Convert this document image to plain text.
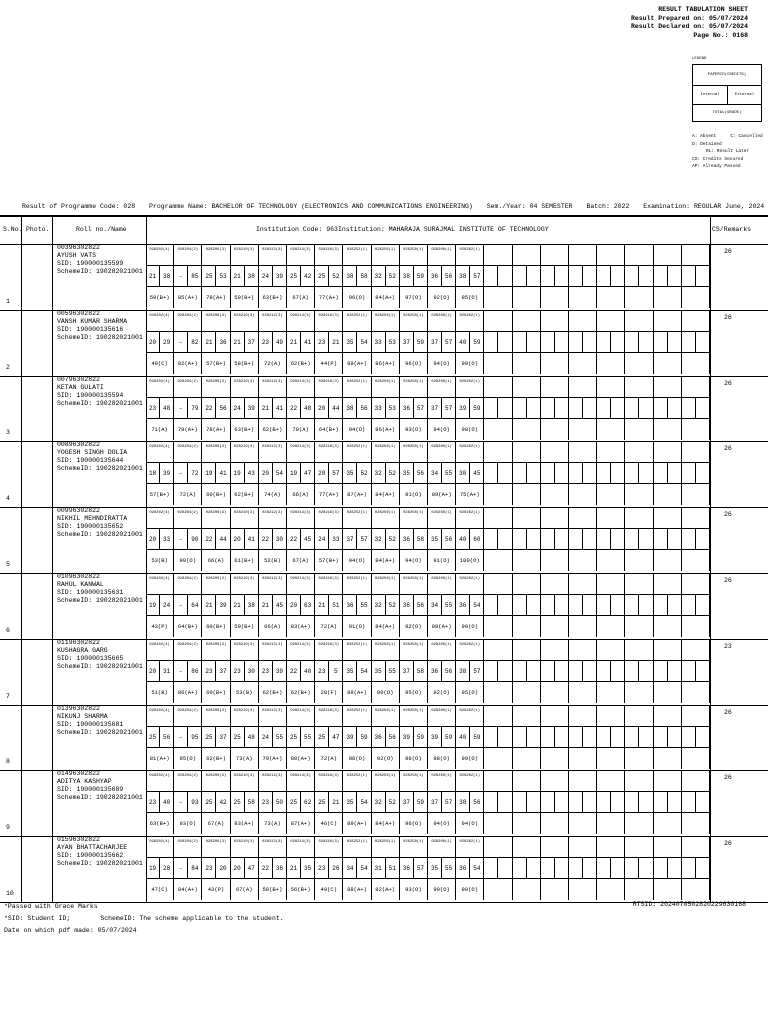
RESULT TABULATION SHEET
Result Prepared on: 05/07/2024
Result Declared on: 05/07/2024
Page No.: 0168
LEGEND
PAPERID(CREDITS)
Internal	External
TOTAL(GRADE)
A: Absent	C: Cancelled
D: DetainedRL: Result Later
CS: Credits Secured
AP: Already Passed
Result of Programme Code: 028 Programme Name: BACHELOR OF TECHNOLOGY (ELECTRONICS AND COMMUNICATIONS ENGINEERING) Sem./Year: 04 SEMESTER Batch: 2022 Examination: REGULAR June, 2024
S.No. Photo.	Roll no./Name	Institution Code: 963 Institution: MAHARAJA SURAJMAL INSTITUTE OF TECHNOLOGY	CS/Remarks
1
00396302822
AYUSH VATS
SID: 190000135599
SchemeID: 190282021001
26
028202(4)	028204(2)	028206(3)	028210(3)	028212(3)	028214(3)	028216(3)	028252(1)	028256(1)	028258(1)	028260(1)	028262(1)
21	38	-	85	25	53	21	38	24	39	25	42	25	52	38	58	32	52	38	59	36	56	38	57
59(B+)	85(A+)	78(A+)	59(B+)	63(B+)	67(A)	77(A+)	96(O)	84(A+)	97(O)	92(O)	95(O)
2
00596302822
VANSH KUMAR SHARMA
SID: 190000135616
SchemeID: 190282021001
26
028202(4)	028204(2)	028206(3)	028210(3)	028212(3)	028214(3)	028216(3)	028252(1)	028256(1)	028258(1)	028260(1)	028262(1)
20	29	-	82	21	36	21	37	23	49	21	41	23	21	35	54	33	53	37	59	37	57	40	59
49(C)	82(A+)	57(B+)	58(B+)	72(A)	62(B+)	44(P)	89(A+)	86(A+)	96(O)	94(O)	99(O)
3
00796302822
KETAN GULATI
SID: 190000135594
SchemeID: 190282021001
26
028202(4)	028204(2)	028206(3)	028210(3)	028212(3)	028214(3)	028216(3)	028252(1)	028256(1)	028258(1)	028260(1)	028262(1)
23	48	-	79	22	56	24	39	21	41	22	48	20	44	38	56	33	53	36	57	37	57	39	59
71(A)	79(A+)	78(A+)	63(B+)	62(B+)	70(A)	64(B+)	94(O)	86(A+)	93(O)	94(O)	98(O)
4
00896302822
YOGESH SINGH DOLIA
SID: 190000135644
SchemeID: 190282021001
26
028202(4)	028204(2)	028206(3)	028210(3)	028212(3)	028214(3)	028216(3)	028252(1)	028256(1)	028258(1)	028260(1)	028262(1)
18	39	-	72	19	41	19	43	20	54	19	47	20	57	35	52	32	52	35	56	34	55	30	45
57(B+)	72(A)	60(B+)	62(B+)	74(A)	66(A)	77(A+)	87(A+)	84(A+)	91(O)	89(A+)	75(A+)
5
00996302822
NIKHIL MEHNDIRATTA
SID: 190000135652
SchemeID: 190282021001
26
028202(4)	028204(2)	028206(3)	028210(3)	028212(3)	028214(3)	028216(3)	028252(1)	028256(1)	028258(1)	028260(1)	028262(1)
20	33	-	90	22	44	20	41	22	30	22	45	24	33	37	57	32	52	36	58	35	56	40	60
53(B)	90(O)	66(A)	61(B+)	52(B)	67(A)	57(B+)	94(O)	84(A+)	94(O)	91(O)	100(O)
6
01096302822
RAHUL KANWAL
SID: 190000135631
SchemeID: 190282021001
26
028202(4)	028204(2)	028206(3)	028210(3)	028212(3)	028214(3)	028216(3)	028252(1)	028256(1)	028258(1)	028260(1)	028262(1)
19	24	-	64	21	39	21	38	21	45	20	63	21	51	36	55	32	52	36	56	34	55	36	54
43(P)	64(B+)	60(B+)	59(B+)	66(A)	83(A+)	72(A)	91(O)	84(A+)	92(O)	89(A+)	90(O)
7
01196302822
KUSHAGRA GARG
SID: 190000135665
SchemeID: 190282021001
23
028202(4)	028204(2)	028206(3)	028210(3)	028212(3)	028214(3)	028216(3)	028252(1)	028256(1)	028258(1)	028260(1)	028262(1)
20	31	-	86	23	37	23	30	23	39	22	40	23	5	35	54	35	55	37	58	36	56	38	57
51(B)	86(A+)	60(B+)	53(B)	62(B+)	62(B+)	28(F)	89(A+)	90(O)	95(O)	92(O)	95(O)
8
01396302822
NIKUNJ SHARMA
SID: 190000135681
SchemeID: 190282021001
26
028202(4)	028204(2)	028206(3)	028210(3)	028212(3)	028214(3)	028216(3)	028252(1)	028256(1)	028258(1)	028260(1)	028262(1)
25	56	-	95	25	37	25	48	24	55	25	55	25	47	39	59	36	56	39	59	39	59	40	59
81(A+)	95(O)	62(B+)	73(A)	79(A+)	80(A+)	72(A)	98(O)	92(O)	98(O)	98(O)	99(O)
9
01496302822
ADITYA KASHYAP
SID: 190000135689
SchemeID: 190282021001
26
028202(4)	028204(2)	028206(3)	028210(3)	028212(3)	028214(3)	028216(3)	028252(1)	028256(1)	028258(1)	028260(1)	028262(1)
23	40	-	93	25	42	25	58	23	50	25	62	25	21	35	54	32	52	37	59	37	57	38	56
63(B+)	93(O)	67(A)	83(A+)	73(A)	87(A+)	46(C)	89(A+)	84(A+)	96(O)	94(O)	94(O)
10
01596302822
AYAN BHATTACHARJEE
SID: 190000135662
SchemeID: 190282021001
26
028202(4)	028204(2)	028206(3)	028210(3)	028212(3)	028214(3)	028216(3)	028252(1)	028256(1)	028258(1)	028260(1)	028262(1)
19	28	-	84	23	20	20	47	22	36	21	35	23	26	34	54	31	51	36	57	35	55	36	54
47(C)	84(A+)	43(P)	67(A)	58(B+)	56(B+)	49(C)	88(A+)	82(A+)	93(O)	90(O)	90(O)
*Passed with Grace Marks
*SID: Student ID;	SchemeID: The scheme applicable to the student.
Date on which pdf made: 05/07/2024
RTSID: 2024070502820229630168
